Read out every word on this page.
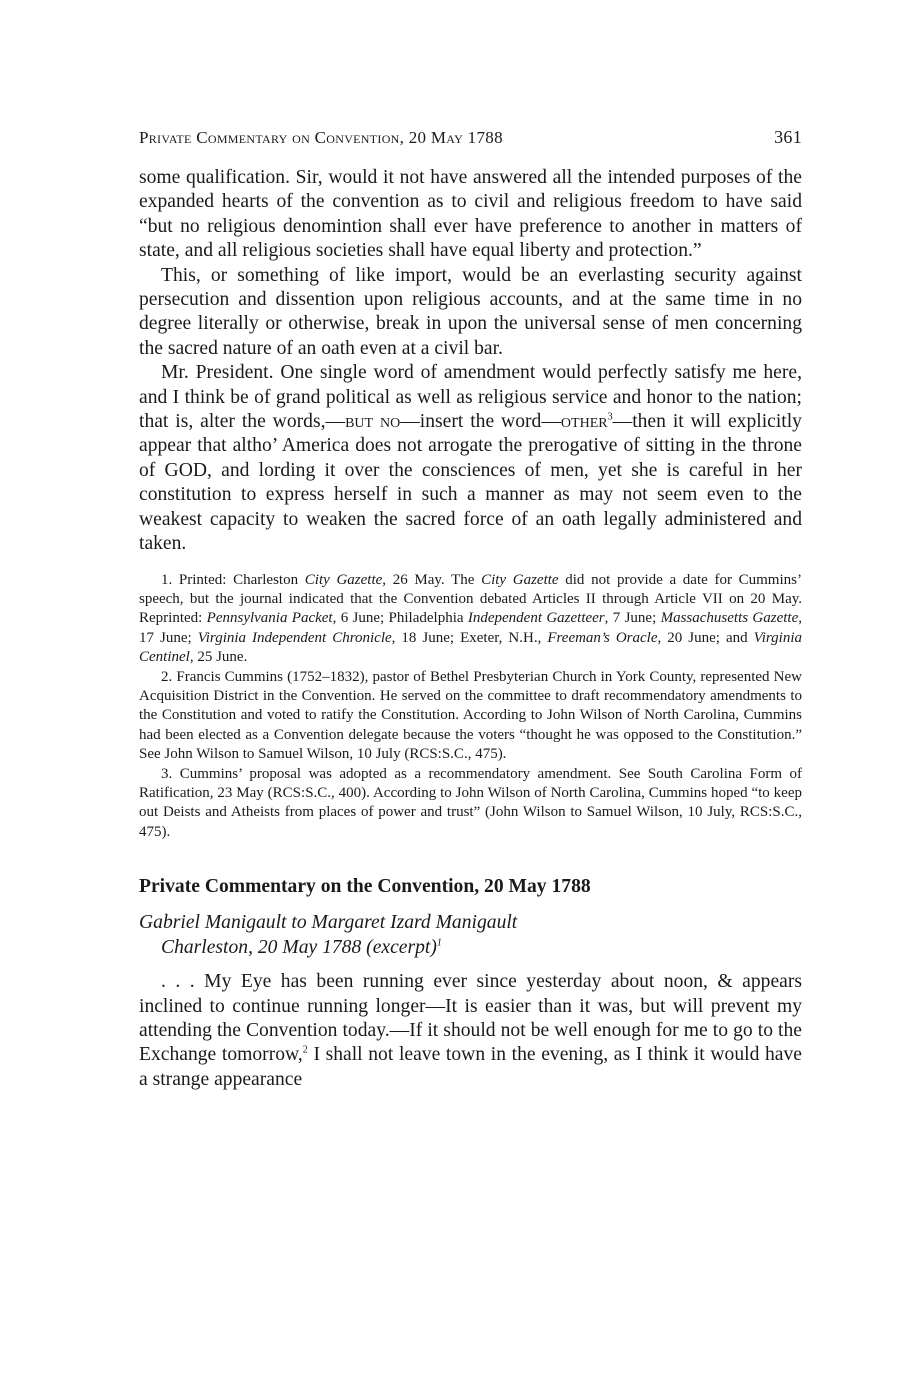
Private Commentary on Convention, 20 May 1788	361

some qualification. Sir, would it not have answered all the intended purposes of the expanded hearts of the convention as to civil and religious freedom to have said “but no religious denomintion shall ever have preference to another in matters of state, and all religious societies shall have equal liberty and protection.”

This, or something of like import, would be an everlasting security against persecution and dissention upon religious accounts, and at the same time in no degree literally or otherwise, break in upon the universal sense of men concerning the sacred nature of an oath even at a civil bar.

Mr. President. One single word of amendment would perfectly satisfy me here, and I think be of grand political as well as religious service and honor to the nation; that is, alter the words,—but no—insert the word—other$^3$—then it will explicitly appear that altho’ America does not arrogate the prerogative of sitting in the throne of GOD, and lording it over the consciences of men, yet she is careful in her constitution to express herself in such a manner as may not seem even to the weakest capacity to weaken the sacred force of an oath legally administered and taken.

1. Printed: Charleston City Gazette, 26 May. The City Gazette did not provide a date for Cummins’ speech, but the journal indicated that the Convention debated Articles II through Article VII on 20 May. Reprinted: Pennsylvania Packet, 6 June; Philadelphia Independent Gazetteer, 7 June; Massachusetts Gazette, 17 June; Virginia Independent Chronicle, 18 June; Exeter, N.H., Freeman’s Oracle, 20 June; and Virginia Centinel, 25 June.

2. Francis Cummins (1752–1832), pastor of Bethel Presbyterian Church in York County, represented New Acquisition District in the Convention. He served on the committee to draft recommendatory amendments to the Constitution and voted to ratify the Constitution. According to John Wilson of North Carolina, Cummins had been elected as a Convention delegate because the voters “thought he was opposed to the Constitution.” See John Wilson to Samuel Wilson, 10 July (RCS:S.C., 475).

3. Cummins’ proposal was adopted as a recommendatory amendment. See South Carolina Form of Ratification, 23 May (RCS:S.C., 400). According to John Wilson of North Carolina, Cummins hoped “to keep out Deists and Atheists from places of power and trust” (John Wilson to Samuel Wilson, 10 July, RCS:S.C., 475).

Private Commentary on the Convention, 20 May 1788

Gabriel Manigault to Margaret Izard Manigault

Charleston, 20 May 1788 (excerpt)$^1$

. . . My Eye has been running ever since yesterday about noon, & appears inclined to continue running longer—It is easier than it was, but will prevent my attending the Convention today.—If it should not be well enough for me to go to the Exchange tomorrow,$^2$ I shall not leave town in the evening, as I think it would have a strange appearance
